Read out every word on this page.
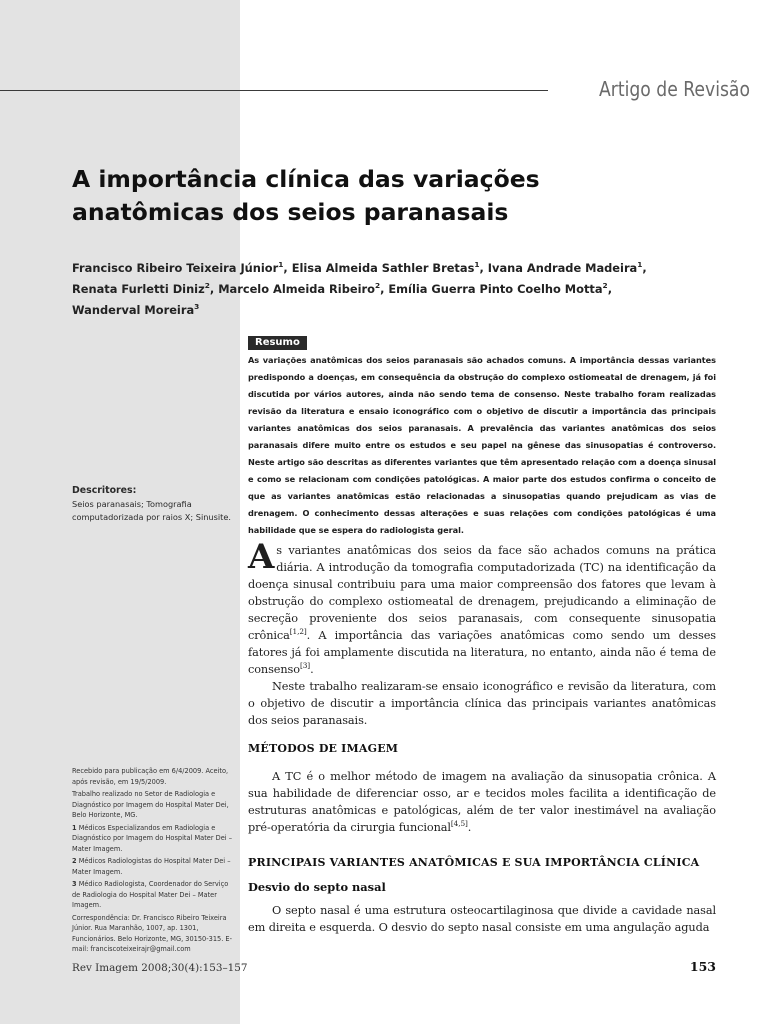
Artigo de Revisão
A importância clínica das variações
anatômicas dos seios paranasais
Francisco Ribeiro Teixeira Júnior$^1$, Elisa Almeida Sathler Bretas$^1$, Ivana Andrade Madeira$^1$,
Renata Furletti Diniz$^2$, Marcelo Almeida Ribeiro$^2$, Emília Guerra Pinto Coelho Motta$^2$,
Wanderval Moreira$^3$
Resumo
As variações anatômicas dos seios paranasais são achados comuns. A importância dessas variantes predispondo a doenças, em consequência da obstrução do complexo ostiomeatal de drenagem, já foi discutida por vários autores, ainda não sendo tema de consenso. Neste trabalho foram realizadas revisão da literatura e ensaio iconográfico com o objetivo de discutir a importância das principais variantes anatômicas dos seios paranasais. A prevalência das variantes anatômicas dos seios paranasais difere muito entre os estudos e seu papel na gênese das sinusopatias é controverso. Neste artigo são descritas as diferentes variantes que têm apresentado relação com a doença sinusal e como se relacionam com condições patológicas. A maior parte dos estudos confirma o conceito de que as variantes anatômicas estão relacionadas a sinusopatias quando prejudicam as vias de drenagem. O conhecimento dessas alterações e suas relações com condições patológicas é uma habilidade que se espera do radiologista geral.
Descritores:
Seios paranasais; Tomografia computadorizada por raios X; Sinusite.
As variantes anatômicas dos seios da face são achados comuns na prática diária. A introdução da tomografia computadorizada (TC) na identificação da doença sinusal contribuiu para uma maior compreensão dos fatores que levam à obstrução do complexo ostiomeatal de drenagem, prejudicando a eliminação de secreção proveniente dos seios paranasais, com consequente sinusopatia crônica[1,2]. A importância das variações anatômicas como sendo um desses fatores já foi amplamente discutida na literatura, no entanto, ainda não é tema de consenso[3].
Neste trabalho realizaram-se ensaio iconográfico e revisão da literatura, com o objetivo de discutir a importância clínica das principais variantes anatômicas dos seios paranasais.
MÉTODOS DE IMAGEM
A TC é o melhor método de imagem na avaliação da sinusopatia crônica. A sua habilidade de diferenciar osso, ar e tecidos moles facilita a identificação de estruturas anatômicas e patológicas, além de ter valor inestimável na avaliação pré-operatória da cirurgia funcional[4,5].
PRINCIPAIS VARIANTES ANATÔMICAS E SUA IMPORTÂNCIA CLÍNICA
Desvio do septo nasal
O septo nasal é uma estrutura osteocartilaginosa que divide a cavidade nasal em direita e esquerda. O desvio do septo nasal consiste em uma angulação aguda

Recebido para publicação em 6/4/2009. Aceito, após revisão, em 19/5/2009.

Trabalho realizado no Setor de Radiologia e Diagnóstico por Imagem do Hospital Mater Dei, Belo Horizonte, MG.

1 Médicos Especializandos em Radiologia e Diagnóstico por Imagem do Hospital Mater Dei – Mater Imagem.

2 Médicos Radiologistas do Hospital Mater Dei – Mater Imagem.

3 Médico Radiologista, Coordenador do Serviço de Radiologia do Hospital Mater Dei – Mater Imagem.

Correspondência: Dr. Francisco Ribeiro Teixeira Júnior. Rua Maranhão, 1007, ap. 1301, Funcionários. Belo Horizonte, MG, 30150-315. E-mail: franciscoteixeirajr@gmail.com

Rev Imagem 2008;30(4):153–157	153
